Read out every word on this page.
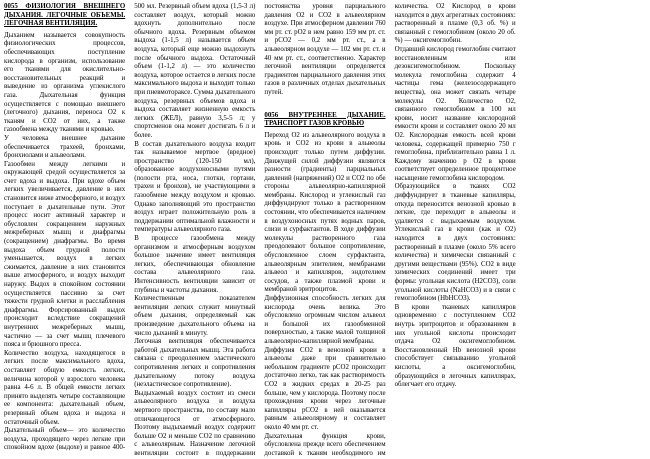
0055 ФИЗИОЛОГИЯ ВНЕШНЕГО ДЫХАНИЯ. ЛЕГОЧНЫЕ ОБЪЕМЫ. ЛЕГОЧНАЯ ВЕНТИЛЯЦИЯ.

Дыханием называется совокупность физиологических процессов, обеспечивающих поступление кислорода в организм, использование его тканями для окислительно-восстановительных реакций и выведение из организма углекислого газа. Дыхательная функция осуществляется с помощью внешнего (легочного) дыхания, переноса О2 к тканям и СО2 от них, а также газообмена между тканями и кровью.

У человека внешнее дыхание обеспечивается трахеей, бронхами, бронхиолами и альвеолами.

Газообмен между легкими и окружающей средой осуществляется за счет вдоха и выдоха. При вдохе объем легких увеличивается, давление в них становится ниже атмосферного, и воздух поступает в дыхательные пути. Этот процесс носит активный характер и обусловлен сокращением наружных межреберных мышц и диафрагмы (сокращением) диафрагмы. Во время выдоха объем грудной полости уменьшается, воздух в легких сжимается, давление в них становится выше атмосферного, и воздух выходит наружу. Выдох в спокойном состоянии осуществляется пассивно за счет тяжести грудной клетки и расслабления диафрагмы. Форсированный выдох происходит вследствие сокращений внутренних межреберных мышц, частично — за счет мышц плечевого пояса и брюшного пресса.

Количество воздуха, находящегося в легких после максимального вдоха, составляет общую емкость легких, величина которой у взрослого человека равна 4-6 л. В общей емкости легких принято выделять четыре составляющие ее компонента: дыхательный объем, резервный объем вдоха и выдоха и остаточный объем.

Дыхательный объем— это количество воздуха, проходящего через легкие при спокойном вдохе (выдохе) и равное 400-500 мл. Резервный объем вдоха (1,5-3 л) составляет воздух, который можно вдохнуть дополнительно после обычного вдоха. Резервным объемом выдоха (1-1,5 л) называется объем воздуха, который еще можно выдохнуть после обычного выдоха. Остаточный объем (1-1,2 л) — это количество воздуха, которое остается в легких после максимального выдоха и выходит только при пневмотораксе. Сумма дыхательного воздуха, резервных объемов вдоха и выдоха составляет жизненную емкость легких (ЖЕЛ), равную 3,5-5 л; у спортсменов она может достигать 6 л и более.

В состав дыхательного воздуха входит так называемое мертвое (вредное) пространство (120-150 мл), образованное воздухоносными путями (полости рта, носа, глотки, гортани, трахеи и бронхов), не участвующими в газообмене между воздухом и кровью. Однако заполняющий это пространство воздух играет положительную роль в поддержании оптимальной влажности и температуры альвеолярного газа.

В процессе газообмена между организмом и атмосферным воздухом большое значение имеет вентиляция легких, обеспечивающая обновление состава альвеолярного газа. Интенсивность вентиляции зависит от глубины и частоты дыхания.

Количественным показателем вентиляции легких служит минутный объем дыхания, определяемый как произведение дыхательного объема на число дыханий в минуту.

Легочная вентиляция обеспечивается работой дыхательных мышц. Эта работа связана с преодолением эластического сопротивления легких и сопротивления дыхательному потоку воздуха (неэластическое сопротивление).

Выдыхаемый воздух состоит из смеси альвеолярного воздуха и воздуха мертвого пространства, по составу мало отличающегося от атмосферного. Поэтому выдыхаемый воздух содержит больше О2 и меньше СО2 по сравнению с альвеолярным. Назначение легочной вентиляции состоит в поддержании постоянства уровня парциального давления О2 и СО2 в альвеолярном воздухе. При атмосферном давлении 760 мм рт. ст. рО2 в нем равно 159 мм рт. ст. и рСО2 — 0,2 мм рт. ст., а в альвеолярном воздухе — 102 мм рт. ст. и 40 мм рт. ст., соответственно. Характер легочной вентиляции определяется градиентом парциального давления этих газов в различных отделах дыхательных путей.

0056 ВНУТРЕННЕЕ ДЫХАНИЕ. ТРАНСПОРТ ГАЗОВ КРОВЬЮ

Переход О2 из альвеолярного воздуха в кровь и СО2 из крови в альвеолы происходит только путем диффузии. Движущей силой диффузии являются разности (градиенты) парциальных давлений (напряжений) О2 и СО2 по обе стороны альвеолярно-капиллярной мембраны. Кислород и углекислый газ диффундируют только в растворенном состоянии, что обеспечивается наличием в воздухоносных путях водных паров, слизи и сурфактантов. В ходе диффузии молекулы растворенного газа преодолевают большое сопротивление, обусловленное слоем сурфактанта, альвеолярным эпителием, мембранами альвеол и капилляров, эндотелием сосудов, а также плазмой крови и мембраной эритроцитов.

Диффузионная способность легких для кислорода очень велика. Это обусловлено огромным числом альвеол и большой их газообменной поверхностью, а также малой толщиной альвеолярно-капиллярной мембраны.

Диффузия СО2 в венозной крови в альвеолы даже при сравнительно небольшом градиенте рСО2 происходит достаточно легко, так как растворимость СО2 в жидких средах в 20-25 раз больше, чем у кислорода. Поэтому после прохождения крови через легочные капилляры рСО2 в ней оказывается равным альвеолярному и составляет около 40 мм рт. ст.

Дыхательная функция крови, обусловлена прежде всего обеспечением доставкой к тканям необходимого им количества. О2 Кислород в крови находится в двух агрегатных состояниях: растворенный в плазме (0,3 об. %) и связанный с гемоглобином (около 20 об. %) — оксигемоглобин.

Отдавший кислород гемоглобин считают восстановленным или дезоксигемоглобином. Поскольку молекула гемоглобина содержит 4 частицы гема (железосодержащего вещества), она может связать четыре молекулы О2. Количество О2, связанного гемоглобином в 100 мл крови, носит название кислородной емкости крови и составляет около 20 мл О2. Кислородная емкость всей крови человека, содержащей примерно 750 г гемоглобина, приблизительно равна 1 л. Каждому значению р О2 в крови соответствует определенное процентное насыщение гемоглобина кислородом.

Образующийся в тканях СО2 диффундирует в тканевые капилляры, откуда переносится венозной кровью в легкие, где переходит в альвеолы и удаляется с выдыхаемым воздухом. Углекислый газ в крови (как и О2) находится в двух состояниях: растворенный в плазме (около 5% всего количества) и химически связанный с другими веществами (95%). СО2 в виде химических соединений имеет три формы: угольная кислота (Н2СО3), соли угольной кислоты (NaНСО3) и в связи с гемоглобином (HbНСО3).

В крови тканевых капилляров одновременно с поступлением СО2 внутрь эритроцитов и образованием в них угольной кислоты происходит отдача О2 оксигемоглобином. Восстановленный Hb венозной крови способствует связыванию угольной кислоты, а оксигемоглобин, образующийся в легочных капиллярах, облегчает его отдачу.
